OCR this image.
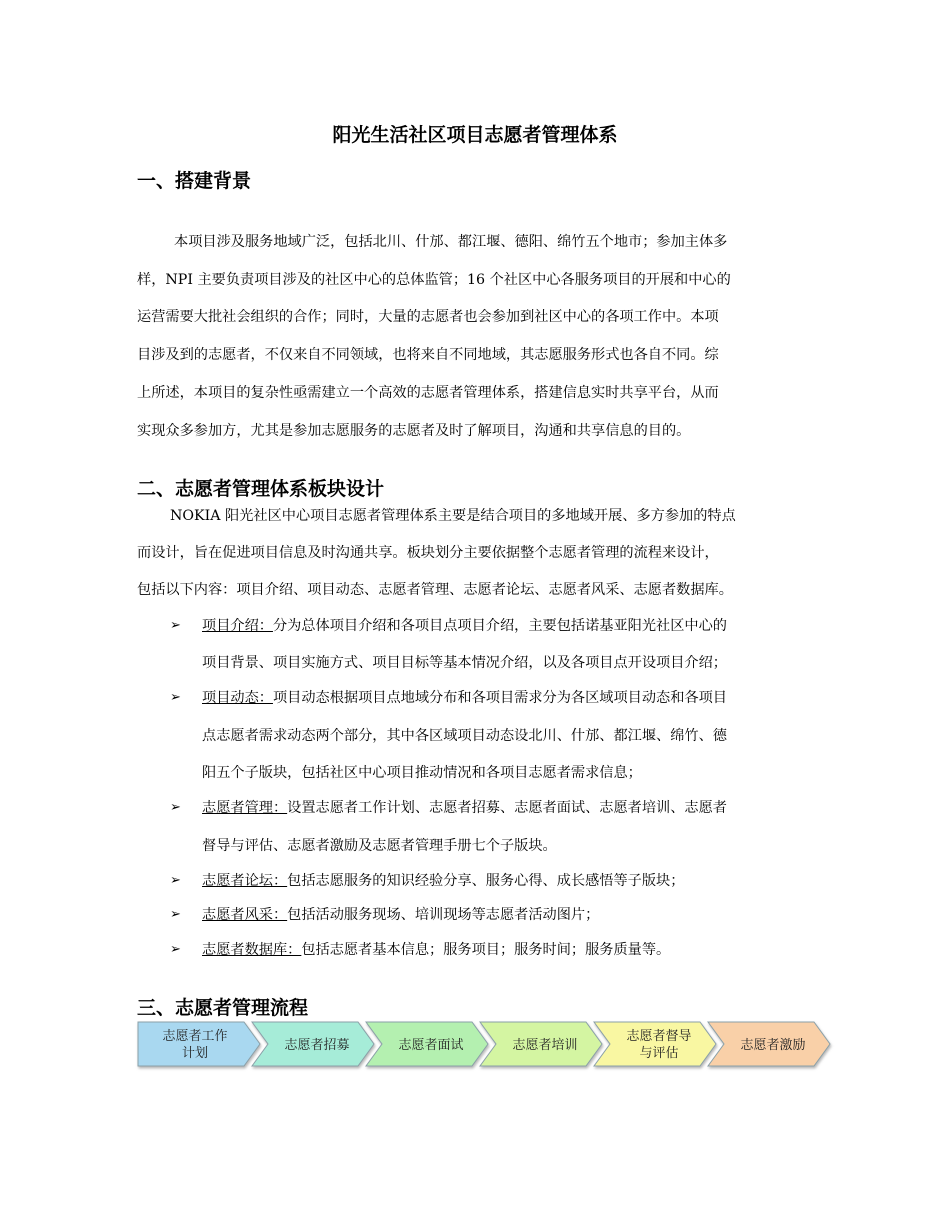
阳光生活社区项目志愿者管理体系
一、搭建背景
本项目涉及服务地域广泛，包括北川、什邡、都江堰、德阳、绵竹五个地市；参加主体多
样，NPI 主要负责项目涉及的社区中心的总体监管；16 个社区中心各服务项目的开展和中心的
运营需要大批社会组织的合作；同时，大量的志愿者也会参加到社区中心的各项工作中。本项
目涉及到的志愿者，不仅来自不同领域，也将来自不同地域，其志愿服务形式也各自不同。综
上所述，本项目的复杂性亟需建立一个高效的志愿者管理体系，搭建信息实时共享平台，从而
实现众多参加方，尤其是参加志愿服务的志愿者及时了解项目，沟通和共享信息的目的。
二、志愿者管理体系板块设计
NOKIA 阳光社区中心项目志愿者管理体系主要是结合项目的多地域开展、多方参加的特点
而设计，旨在促进项目信息及时沟通共享。板块划分主要依据整个志愿者管理的流程来设计，
包括以下内容：项目介绍、项目动态、志愿者管理、志愿者论坛、志愿者风采、志愿者数据库。
➢ 项目介绍：分为总体项目介绍和各项目点项目介绍，主要包括诺基亚阳光社区中心的
项目背景、项目实施方式、项目目标等基本情况介绍，以及各项目点开设项目介绍；
➢ 项目动态：项目动态根据项目点地域分布和各项目需求分为各区域项目动态和各项目
点志愿者需求动态两个部分，其中各区域项目动态设北川、什邡、都江堰、绵竹、德
阳五个子版块，包括社区中心项目推动情况和各项目志愿者需求信息；
➢ 志愿者管理：设置志愿者工作计划、志愿者招募、志愿者面试、志愿者培训、志愿者
督导与评估、志愿者激励及志愿者管理手册七个子版块。
➢ 志愿者论坛：包括志愿服务的知识经验分享、服务心得、成长感悟等子版块；
➢ 志愿者风采：包括活动服务现场、培训现场等志愿者活动图片；
➢ 志愿者数据库：包括志愿者基本信息；服务项目；服务时间；服务质量等。
三、志愿者管理流程
志愿者工作
计划
志愿者招募	志愿者面试	志愿者培训
志愿者督导
与评估
志愿者激励
